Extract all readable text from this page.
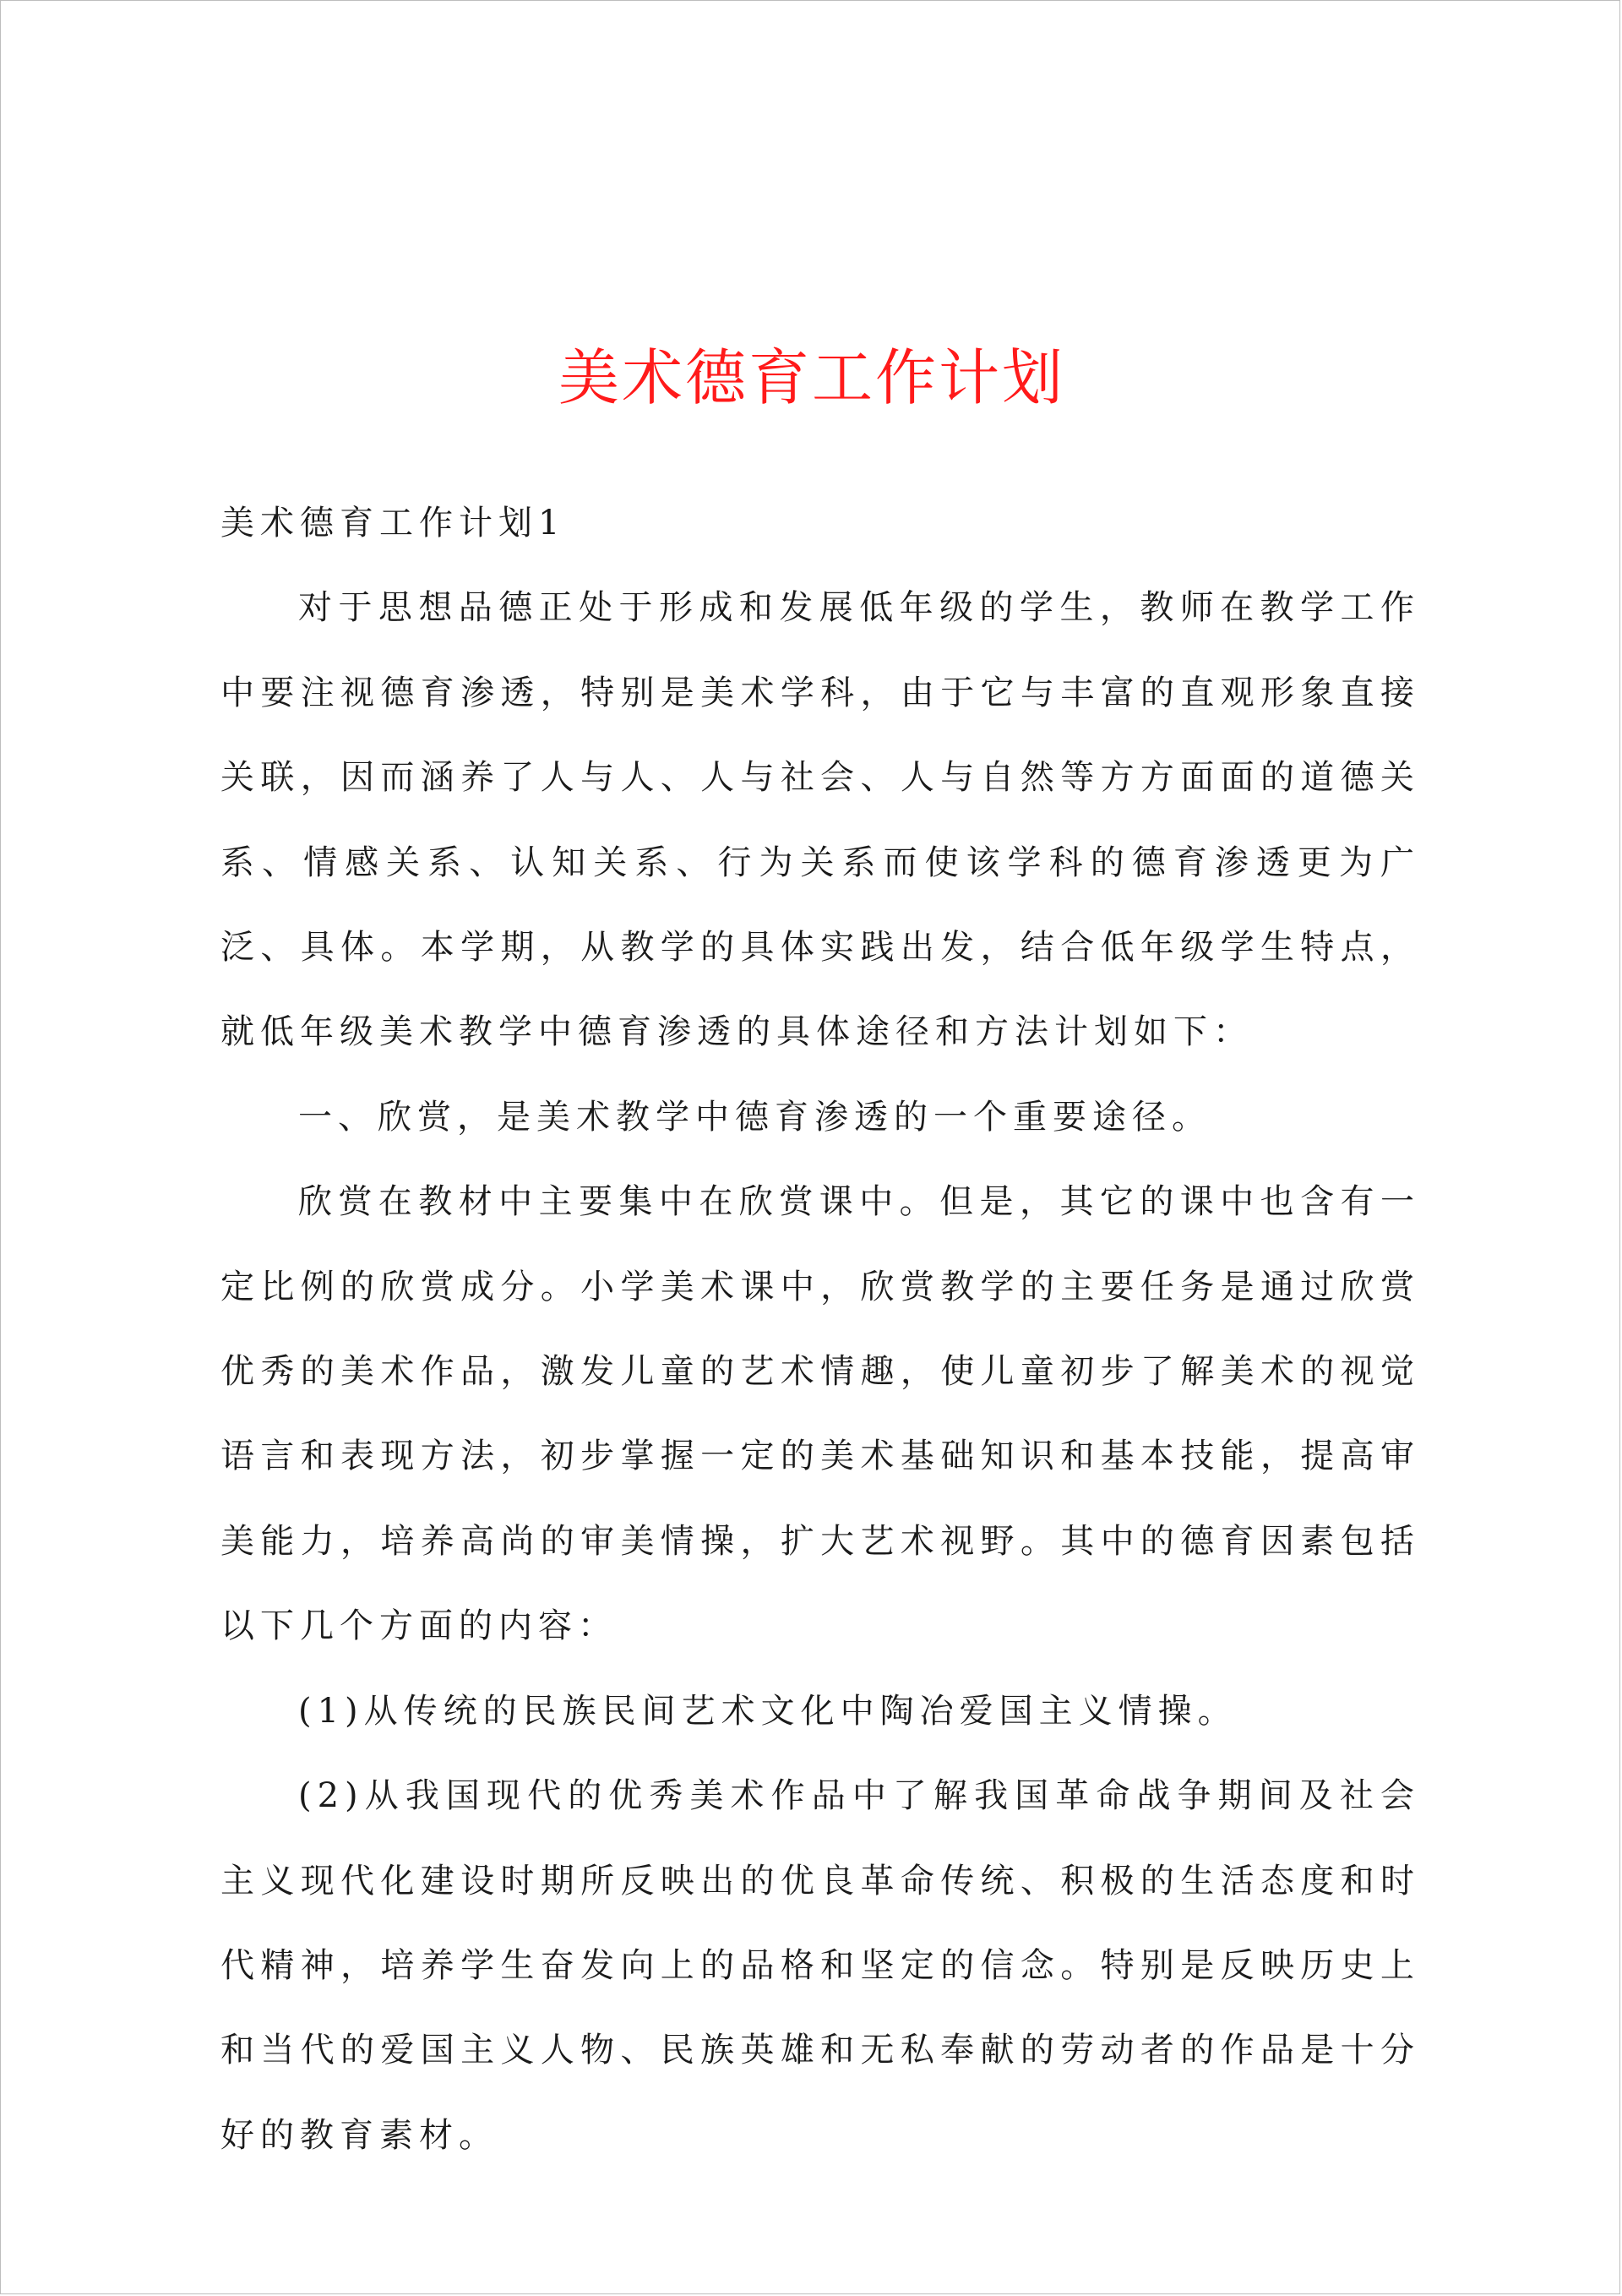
美术德育工作计划

美术德育工作计划1

对于思想品德正处于形成和发展低年级的学生，教师在教学工作中要注视德育渗透，特别是美术学科，由于它与丰富的直观形象直接关联，因而涵养了人与人、人与社会、人与自然等方方面面的道德关系、情感关系、认知关系、行为关系而使该学科的德育渗透更为广泛、具体。本学期，从教学的具体实践出发，结合低年级学生特点，就低年级美术教学中德育渗透的具体途径和方法计划如下：

一、欣赏，是美术教学中德育渗透的一个重要途径。

欣赏在教材中主要集中在欣赏课中。但是，其它的课中也含有一定比例的欣赏成分。小学美术课中，欣赏教学的主要任务是通过欣赏优秀的美术作品，激发儿童的艺术情趣，使儿童初步了解美术的视觉语言和表现方法，初步掌握一定的美术基础知识和基本技能，提高审美能力，培养高尚的审美情操，扩大艺术视野。其中的德育因素包括以下几个方面的内容：

(1)从传统的民族民间艺术文化中陶冶爱国主义情操。

(2)从我国现代的优秀美术作品中了解我国革命战争期间及社会主义现代化建设时期所反映出的优良革命传统、积极的生活态度和时代精神，培养学生奋发向上的品格和坚定的信念。特别是反映历史上和当代的爱国主义人物、民族英雄和无私奉献的劳动者的作品是十分好的教育素材。
